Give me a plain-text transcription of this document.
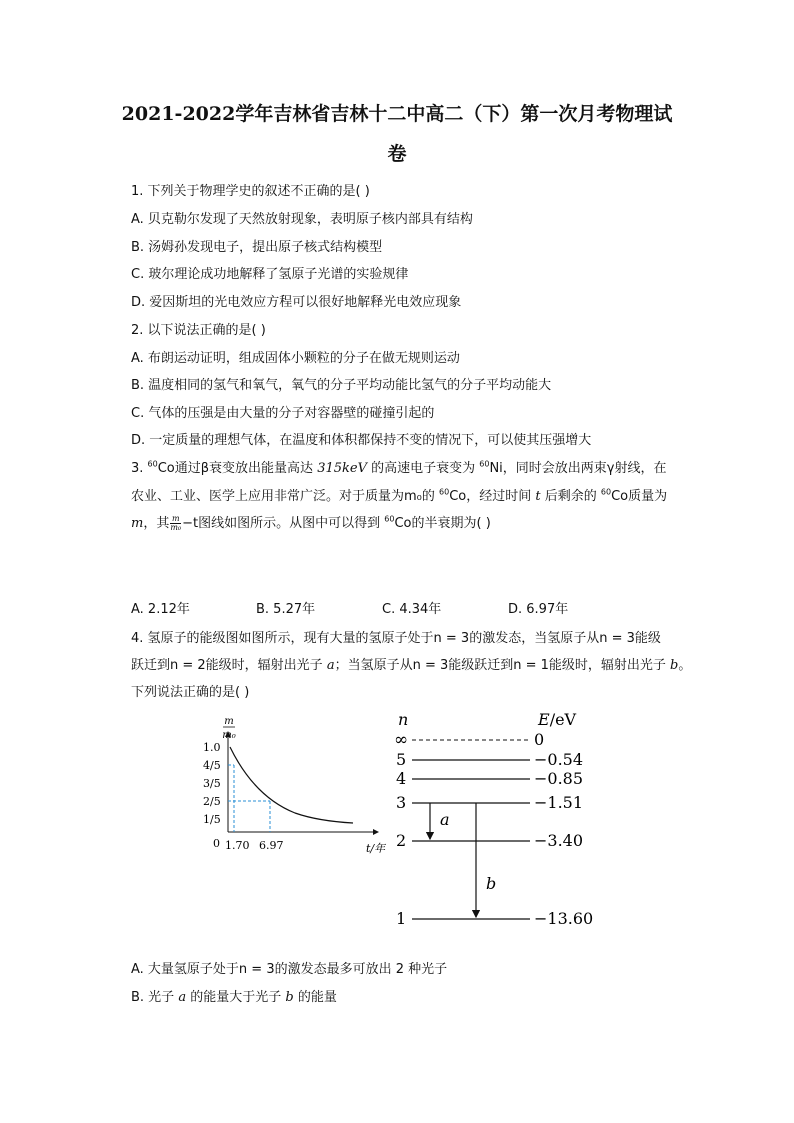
2021-2022学年吉林省吉林十二中高二（下）第一次月考物理试
卷
1. 下列关于物理学史的叙述不正确的是( )
A. 贝克勒尔发现了天然放射现象，表明原子核内部具有结构
B. 汤姆孙发现电子，提出原子核式结构模型
C. 玻尔理论成功地解释了氢原子光谱的实验规律
D. 爱因斯坦的光电效应方程可以很好地解释光电效应现象
2. 以下说法正确的是( )
A. 布朗运动证明，组成固体小颗粒的分子在做无规则运动
B. 温度相同的氢气和氧气，氧气的分子平均动能比氢气的分子平均动能大
C. 气体的压强是由大量的分子对容器壁的碰撞引起的
D. 一定质量的理想气体，在温度和体积都保持不变的情况下，可以使其压强增大
3. $^{60}$Co通过β衰变放出能量高达 315keV 的高速电子衰变为 $^{60}$Ni，同时会放出两束γ射线，在
农业、工业、医学上应用非常广泛。对于质量为m₀的 $^{60}$Co，经过时间 t 后剩余的 $^{60}$Co质量为
m，其 $\frac{m}{\text{m₀}} -t$图线如图所示。从图中可以得到 $^{60}$Co的半衰期为( )
A. 2.12年	B. 5.27年	C. 4.34年	D. 6.97年
4. 氢原子的能级图如图所示，现有大量的氢原子处于n = 3的激发态，当氢原子从n = 3能级
跃迁到n = 2能级时，辐射出光子 a；当氢原子从n = 3能级跃迁到n = 1能级时，辐射出光子 b。
下列说法正确的是( )
m
m₀
1.0
4/5
3/5
2/5
1/5
0 1.70 6.97	t/年
n	E/eV
∞	0
5	−0.54
4	−0.85
3	−1.51
2	−3.40
1	−13.60
a
b
A. 大量氢原子处于n = 3的激发态最多可放出 2 种光子
B. 光子 a 的能量大于光子 b 的能量
